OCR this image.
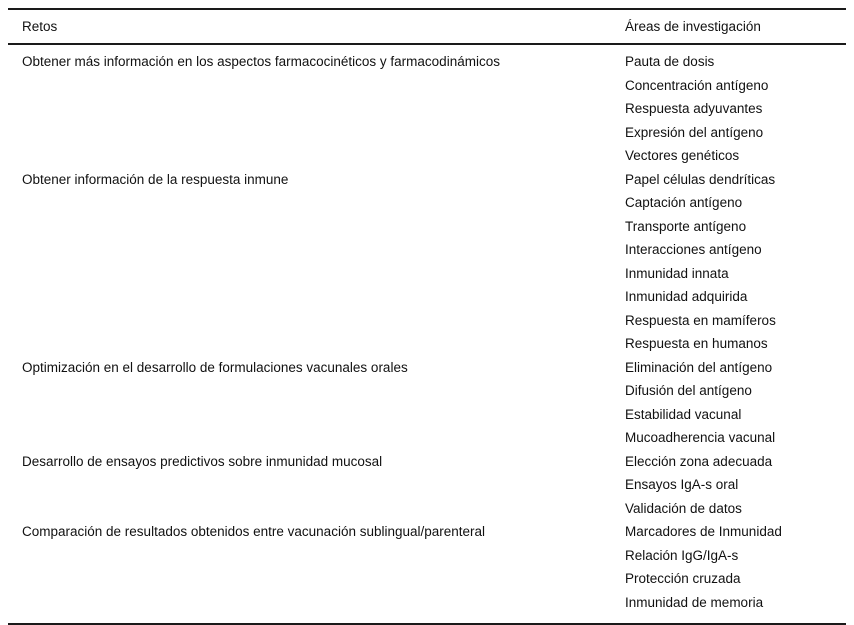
Retos	Áreas de investigación
Obtener más información en los aspectos farmacocinéticos y farmacodinámicos	Pauta de dosis
Concentración antígeno
Respuesta adyuvantes
Expresión del antígeno
Vectores genéticos
Obtener información de la respuesta inmune	Papel células dendríticas
Captación antígeno
Transporte antígeno
Interacciones antígeno
Inmunidad innata
Inmunidad adquirida
Respuesta en mamíferos
Respuesta en humanos
Optimización en el desarrollo de formulaciones vacunales orales	Eliminación del antígeno
Difusión del antígeno
Estabilidad vacunal
Mucoadherencia vacunal
Desarrollo de ensayos predictivos sobre inmunidad mucosal	Elección zona adecuada
Ensayos IgA-s oral
Validación de datos
Comparación de resultados obtenidos entre vacunación sublingual/parenteral	Marcadores de Inmunidad
Relación IgG/IgA-s
Protección cruzada
Inmunidad de memoria
